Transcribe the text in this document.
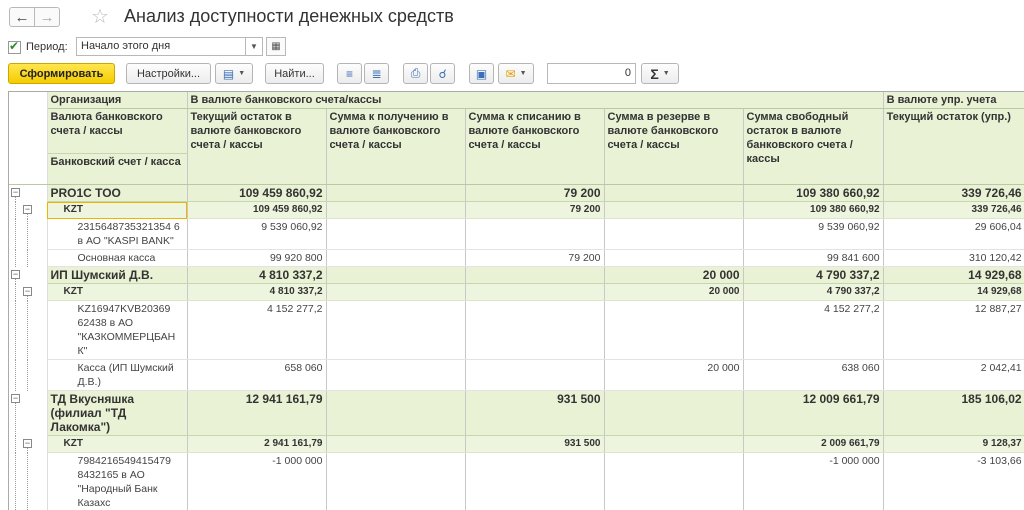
← → ☆ Анализ доступности денежных средств
✔
Период:	Начало этого дня	▼ ▦
Сформировать	Настройки...	▤ ▼	Найти...	≡ ≣ ⎙ ☌ ▣ ✉ ▼	0	Σ ▼
	Организация	В валюте банковского счета/кассы					В валюте упр. учета
	Валюта банковского счета / кассы	Текущий остаток в валюте банковского счета / кассы	Сумма к получению в валюте банковского счета / кассы	Сумма к списанию в валюте банковского счета / кассы	Сумма в резерве в валюте банковского счета / кассы	Сумма свободный остаток в валюте банковского счета / кассы	Текущий остаток (упр.)
	Банковский счет / касса						

−	PRO1C ТОО	109 459 860,92		79 200		109 380 660,92	339 726,46

−	KZT	109 459 860,92		79 200		109 380 660,92	339 726,46

	2315648735321354 6 в АО "KASPI BANK"	9 539 060,92				9 539 060,92	29 606,04

	Основная касса	99 920 800		79 200		99 841 600	310 120,42

−	ИП Шумский Д.В.	4 810 337,2			20 000	4 790 337,2	14 929,68

−	KZT	4 810 337,2			20 000	4 790 337,2	14 929,68

	KZ16947KVB20369 62438 в АО "КАЗКОММЕРЦБАН К"	4 152 277,2				4 152 277,2	12 887,27

	Касса (ИП Шумский Д.В.)	658 060			20 000	638 060	2 042,41

−	ТД Вкусняшка (филиал "ТД Лакомка")	12 941 161,79		931 500		12 009 661,79	185 106,02

−	KZT	2 941 161,79		931 500		2 009 661,79	9 128,37

	7984216549415479 8432165 в АО "Народный Банк Казахс	-1 000 000				-1 000 000	-3 103,66
